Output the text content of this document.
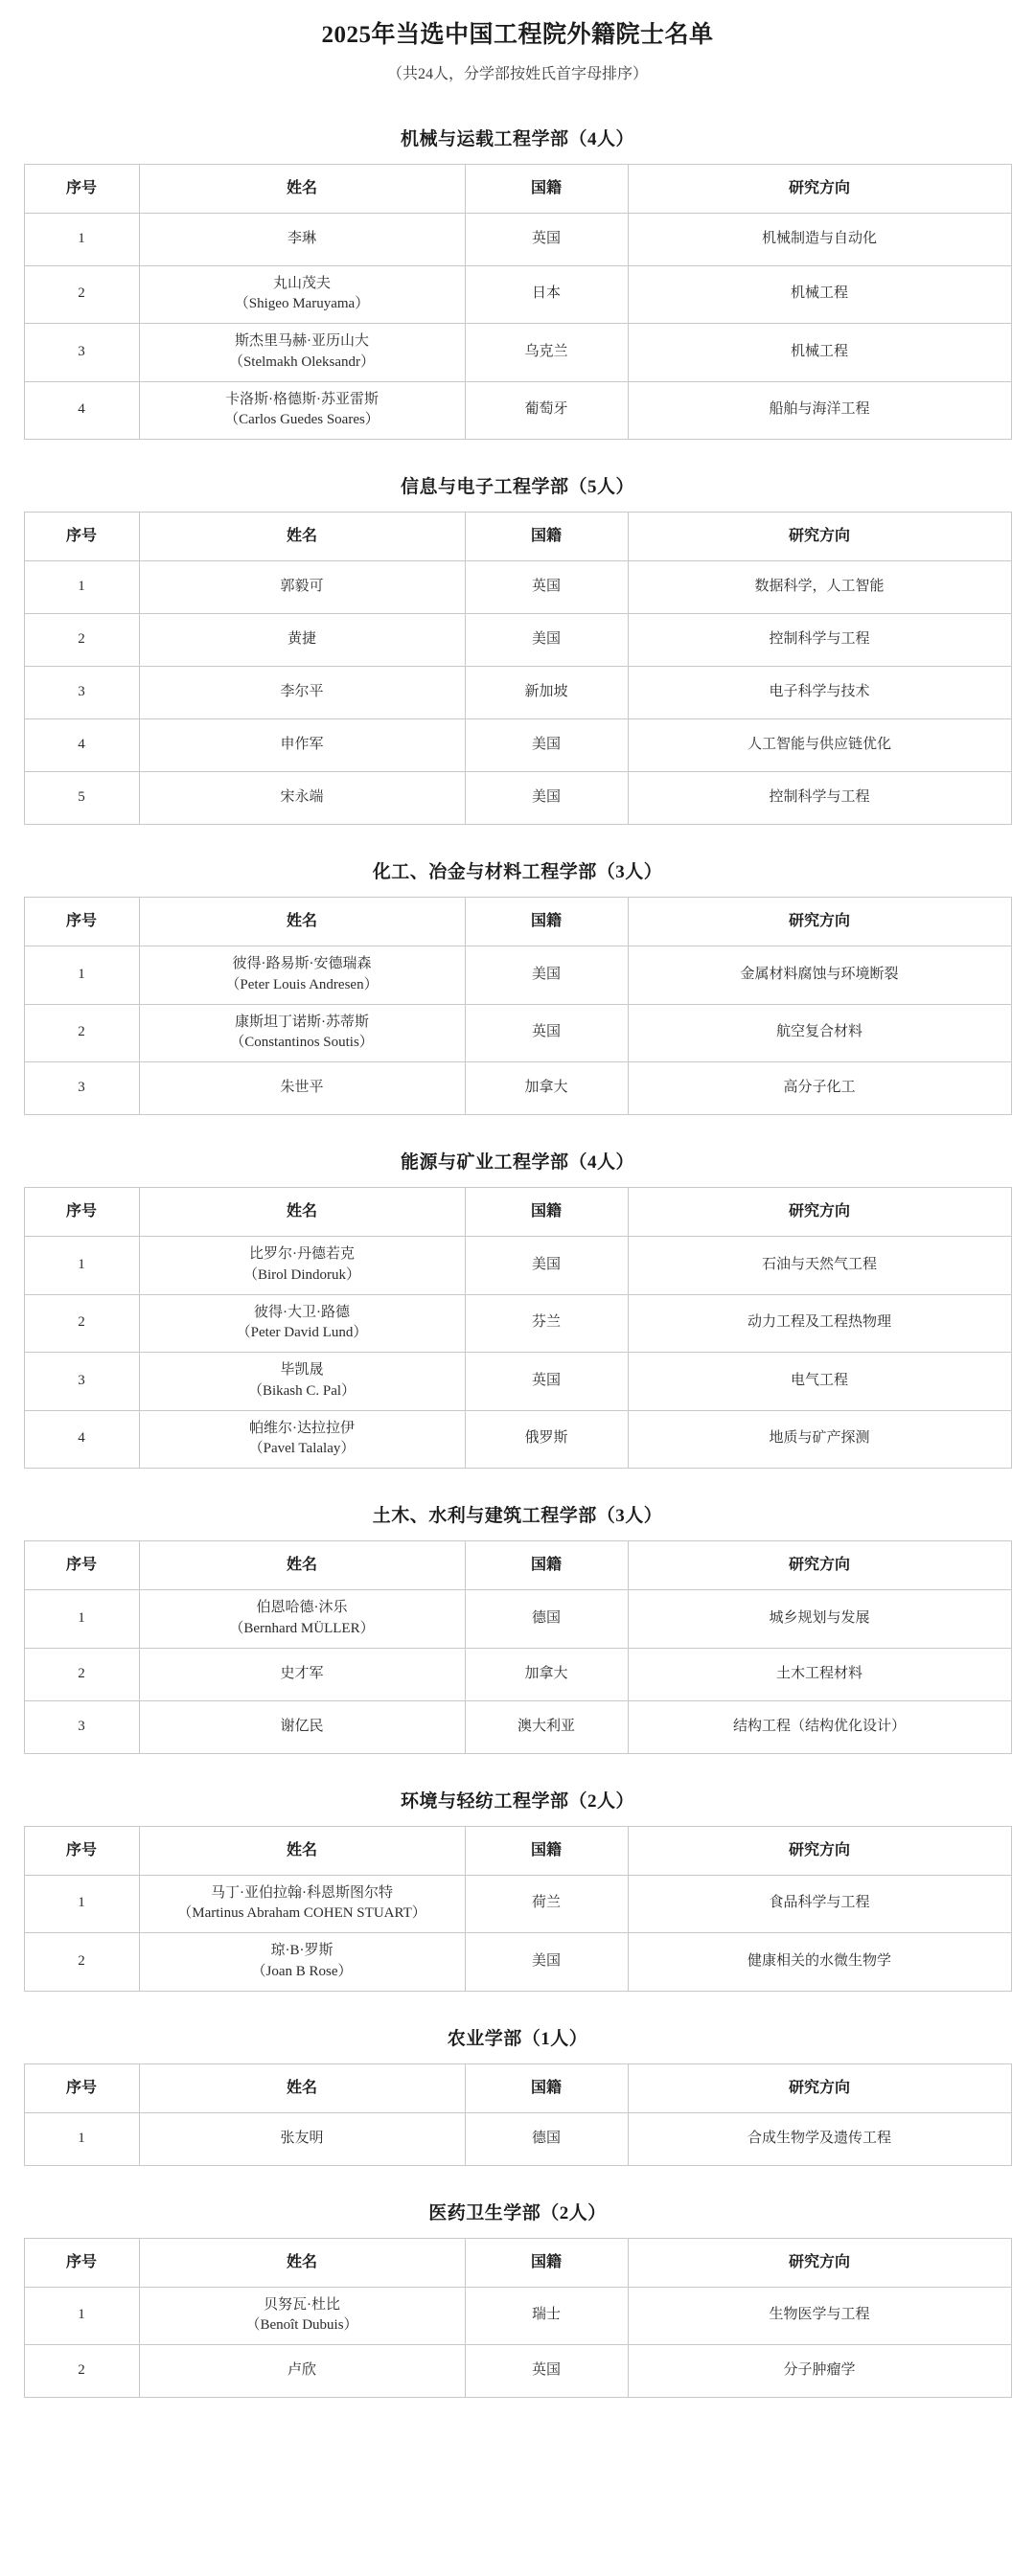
2025年当选中国工程院外籍院士名单
（共24人，分学部按姓氏首字母排序）
机械与运载工程学部（4人）
序号	姓名	国籍	研究方向
1	李琳	英国	机械制造与自动化
2	丸山茂夫
（Shigeo Maruyama）	日本	机械工程
3	斯杰里马赫·亚历山大
（Stelmakh Oleksandr）	乌克兰	机械工程
4	卡洛斯·格德斯·苏亚雷斯
（Carlos Guedes Soares）	葡萄牙	船舶与海洋工程
信息与电子工程学部（5人）
序号	姓名	国籍	研究方向
1	郭毅可	英国	数据科学，人工智能
2	黄捷	美国	控制科学与工程
3	李尔平	新加坡	电子科学与技术
4	申作军	美国	人工智能与供应链优化
5	宋永端	美国	控制科学与工程
化工、冶金与材料工程学部（3人）
序号	姓名	国籍	研究方向
1	彼得·路易斯·安德瑞森
（Peter Louis Andresen）	美国	金属材料腐蚀与环境断裂
2	康斯坦丁诺斯·苏蒂斯
（Constantinos Soutis）	英国	航空复合材料
3	朱世平	加拿大	高分子化工
能源与矿业工程学部（4人）
序号	姓名	国籍	研究方向
1	比罗尔·丹德若克
（Birol Dindoruk）	美国	石油与天然气工程
2	彼得·大卫·路德
（Peter David Lund）	芬兰	动力工程及工程热物理
3	毕凯晟
（Bikash C. Pal）	英国	电气工程
4	帕维尔·达拉拉伊
（Pavel Talalay）	俄罗斯	地质与矿产探测
土木、水利与建筑工程学部（3人）
序号	姓名	国籍	研究方向
1	伯恩哈德·沐乐
（Bernhard MÜLLER）	德国	城乡规划与发展
2	史才军	加拿大	土木工程材料
3	谢亿民	澳大利亚	结构工程（结构优化设计）
环境与轻纺工程学部（2人）
序号	姓名	国籍	研究方向
1	马丁·亚伯拉翰·科恩斯图尔特
（Martinus Abraham COHEN STUART）	荷兰	食品科学与工程
2	琼·B·罗斯
（Joan B Rose）	美国	健康相关的水微生物学
农业学部（1人）
序号	姓名	国籍	研究方向
1	张友明	德国	合成生物学及遗传工程
医药卫生学部（2人）
序号	姓名	国籍	研究方向
1	贝努瓦·杜比
（Benoît Dubuis）	瑞士	生物医学与工程
2	卢欣	英国	分子肿瘤学
